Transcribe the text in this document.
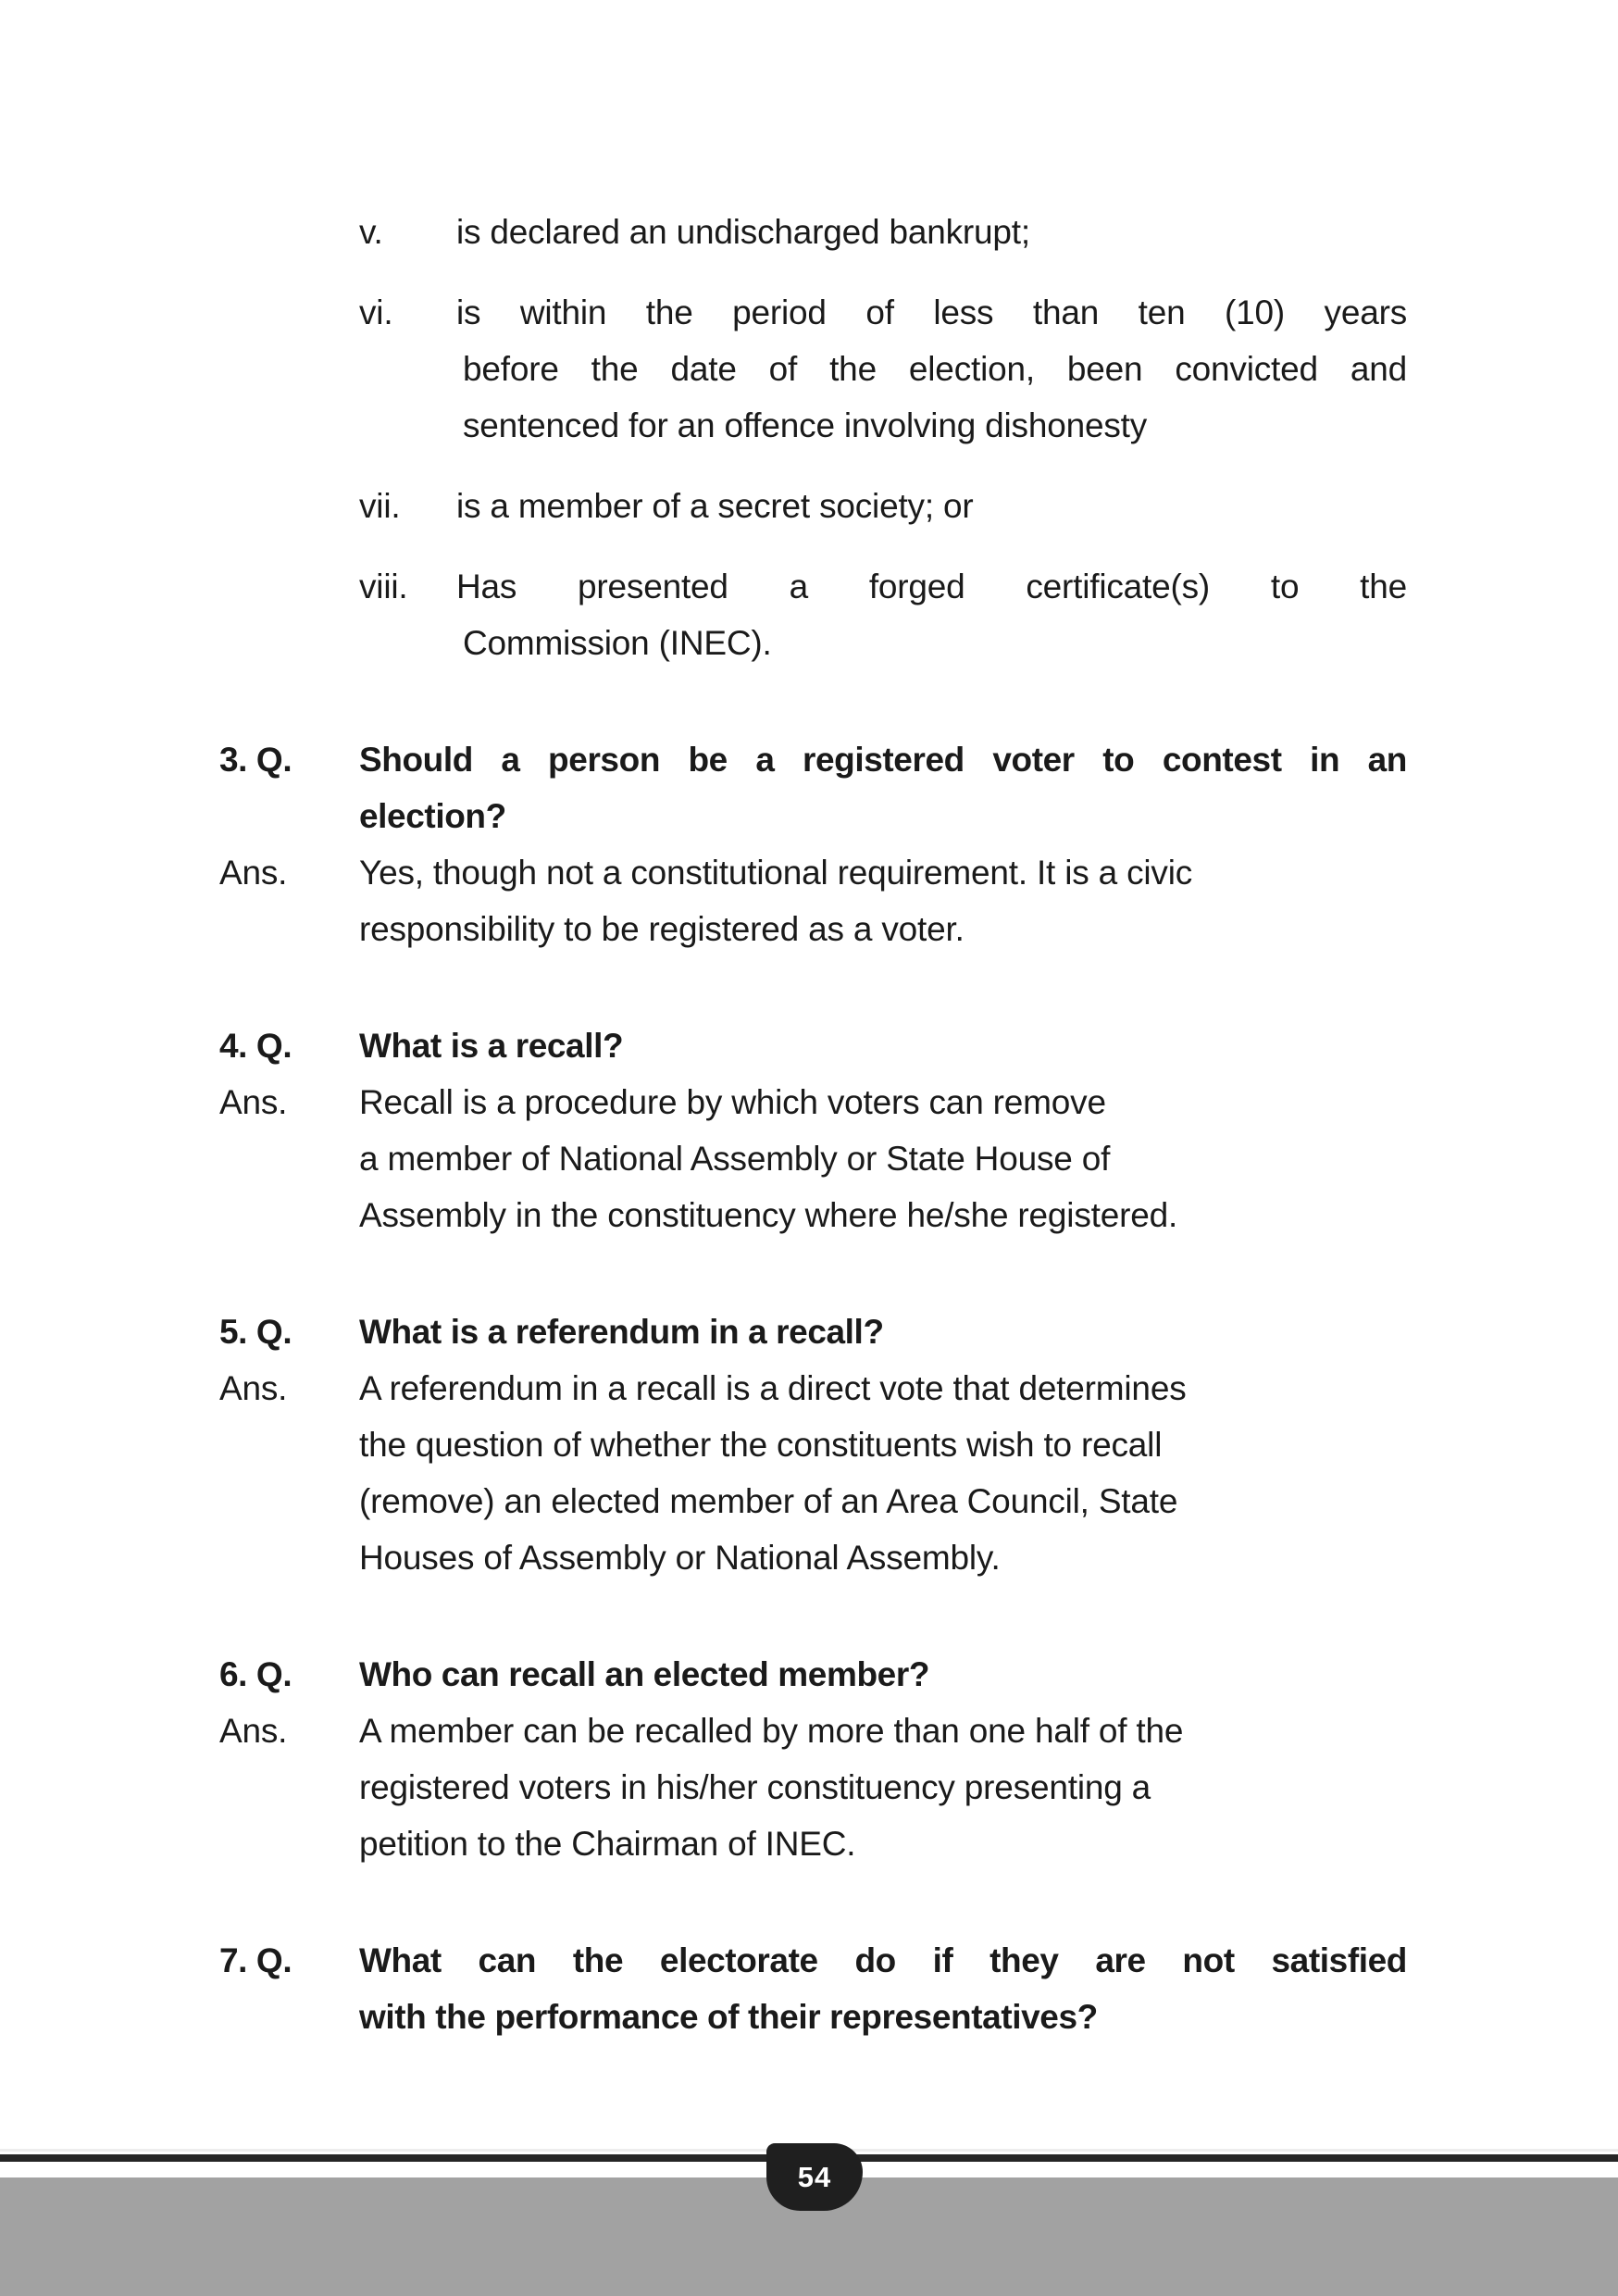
v.	is declared an undischarged bankrupt;
vi.	is within the period of less than ten (10) years
before the date of the election, been convicted and
sentenced for an offence involving dishonesty
vii.	is a member of a secret society; or
viii.	Has presented a forged certificate(s) to the
Commission (INEC).
3. Q.	Should a person be a registered voter to contest in an
election?
Ans.	Yes, though not a constitutional requirement. It is a civic
responsibility to be registered as a voter.
4. Q.	What is a recall?
Ans.	Recall is a procedure by which voters can remove
a member of National Assembly or State House of
Assembly in the constituency where he/she registered.
5. Q.	What is a referendum in a recall?
Ans.	A referendum in a recall is a direct vote that determines
the question of whether the constituents wish to recall
(remove) an elected member of an Area Council, State
Houses of Assembly or National Assembly.
6. Q.	Who can recall an elected member?
Ans.	A member can be recalled by more than one half of the
registered voters in his/her constituency presenting a
petition to the Chairman of INEC.
7. Q.	What can the electorate do if they are not satisfied
with the performance of their representatives?
54
